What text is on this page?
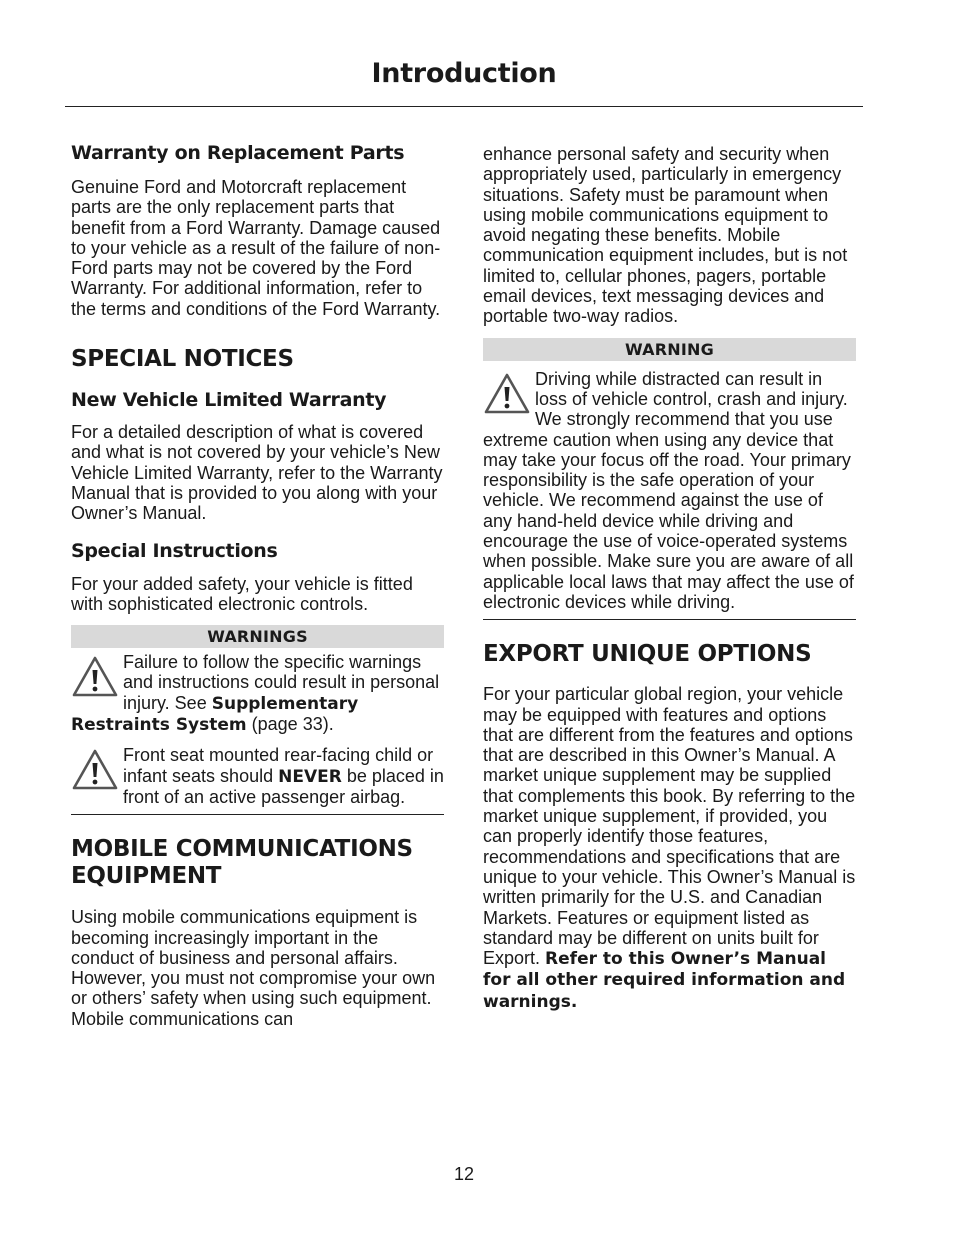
Introduction
Warranty on Replacement Parts

Genuine Ford and Motorcraft replacement parts are the only replacement parts that benefit from a Ford Warranty. Damage caused to your vehicle as a result of the failure of non-Ford parts may not be covered by the Ford Warranty. For additional information, refer to the terms and conditions of the Ford Warranty.

SPECIAL NOTICES
New Vehicle Limited Warranty

For a detailed description of what is covered and what is not covered by your vehicle’s New Vehicle Limited Warranty, refer to the Warranty Manual that is provided to you along with your Owner’s Manual.

Special Instructions

For your added safety, your vehicle is fitted with sophisticated electronic controls.

WARNINGS

Failure to follow the specific warnings and instructions could result in personal injury. See Supplementary Restraints System (page 33).

Front seat mounted rear-facing child or infant seats should NEVER be placed in front of an active passenger airbag.

MOBILE COMMUNICATIONS EQUIPMENT

Using mobile communications equipment is becoming increasingly important in the conduct of business and personal affairs. However, you must not compromise your own or others’ safety when using such equipment. Mobile communications can

enhance personal safety and security when appropriately used, particularly in emergency situations. Safety must be paramount when using mobile communications equipment to avoid negating these benefits. Mobile communication equipment includes, but is not limited to, cellular phones, pagers, portable email devices, text messaging devices and portable two-way radios.

WARNING

Driving while distracted can result in loss of vehicle control, crash and injury. We strongly recommend that you use extreme caution when using any device that may take your focus off the road. Your primary responsibility is the safe operation of your vehicle. We recommend against the use of any hand-held device while driving and encourage the use of voice-operated systems when possible. Make sure you are aware of all applicable local laws that may affect the use of electronic devices while driving.

EXPORT UNIQUE OPTIONS

For your particular global region, your vehicle may be equipped with features and options that are different from the features and options that are described in this Owner’s Manual. A market unique supplement may be supplied that complements this book. By referring to the market unique supplement, if provided, you can properly identify those features, recommendations and specifications that are unique to your vehicle. This Owner’s Manual is written primarily for the U.S. and Canadian Markets. Features or equipment listed as standard may be different on units built for Export. Refer to this Owner’s Manual for all other required information and warnings.

12
